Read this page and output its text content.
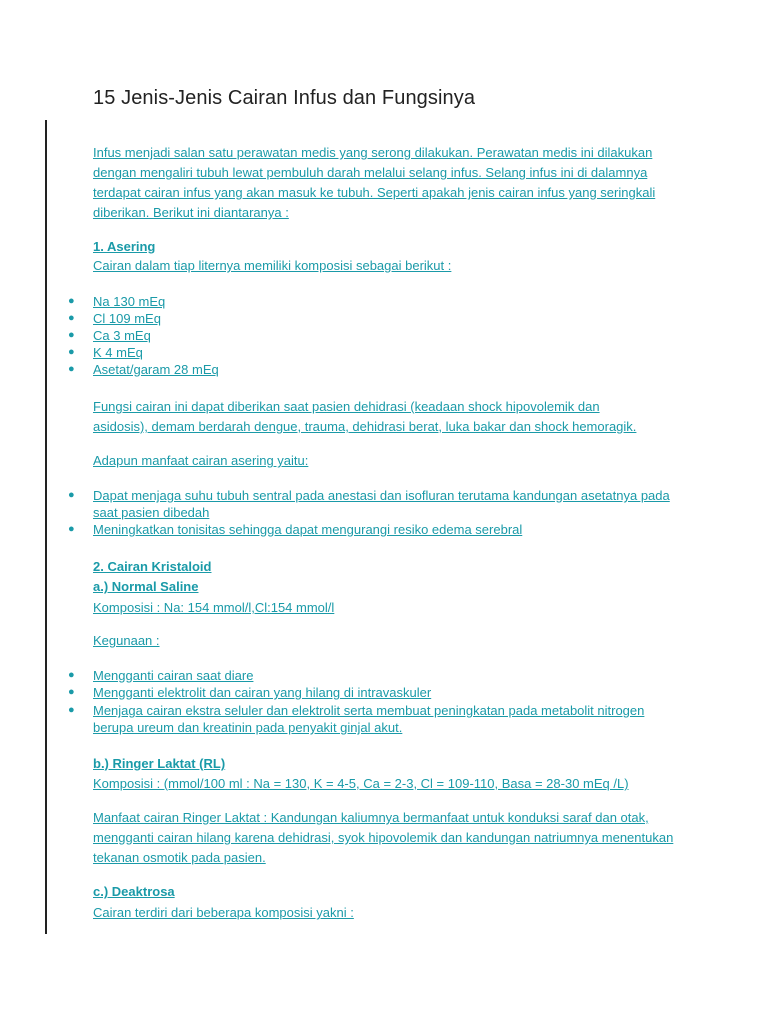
15 Jenis-Jenis Cairan Infus dan Fungsinya
Infus menjadi salan satu perawatan medis yang serong dilakukan. Perawatan medis ini dilakukan
dengan mengaliri tubuh lewat pembuluh darah melalui selang infus. Selang infus ini di dalamnya
terdapat cairan infus yang akan masuk ke tubuh. Seperti apakah jenis cairan infus yang seringkali
diberikan. Berikut ini diantaranya :
1. Asering
Cairan dalam tiap liternya memiliki komposisi sebagai berikut :
● Na 130 mEq
● Cl 109 mEq
● Ca 3 mEq
● K 4 mEq
● Asetat/garam 28 mEq
Fungsi cairan ini dapat diberikan saat pasien dehidrasi (keadaan shock hipovolemik dan
asidosis), demam berdarah dengue, trauma, dehidrasi berat, luka bakar dan shock hemoragik.
Adapun manfaat cairan asering yaitu:
● Dapat menjaga suhu tubuh sentral pada anestasi dan isofluran terutama kandungan asetatnya pada
saat pasien dibedah
● Meningkatkan tonisitas sehingga dapat mengurangi resiko edema serebral
2. Cairan Kristaloid
a.) Normal Saline
Komposisi : Na: 154 mmol/l,Cl:154 mmol/l
Kegunaan :
● Mengganti cairan saat diare
● Mengganti elektrolit dan cairan yang hilang di intravaskuler
● Menjaga cairan ekstra seluler dan elektrolit serta membuat peningkatan pada metabolit nitrogen
berupa ureum dan kreatinin pada penyakit ginjal akut.
b.) Ringer Laktat (RL)
Komposisi : (mmol/100 ml : Na = 130, K = 4-5, Ca = 2-3, Cl = 109-110, Basa = 28-30 mEq /L)
Manfaat cairan Ringer Laktat : Kandungan kaliumnya bermanfaat untuk konduksi saraf dan otak,
mengganti cairan hilang karena dehidrasi, syok hipovolemik dan kandungan natriumnya menentukan
tekanan osmotik pada pasien.
c.) Deaktrosa
Cairan terdiri dari beberapa komposisi yakni :
